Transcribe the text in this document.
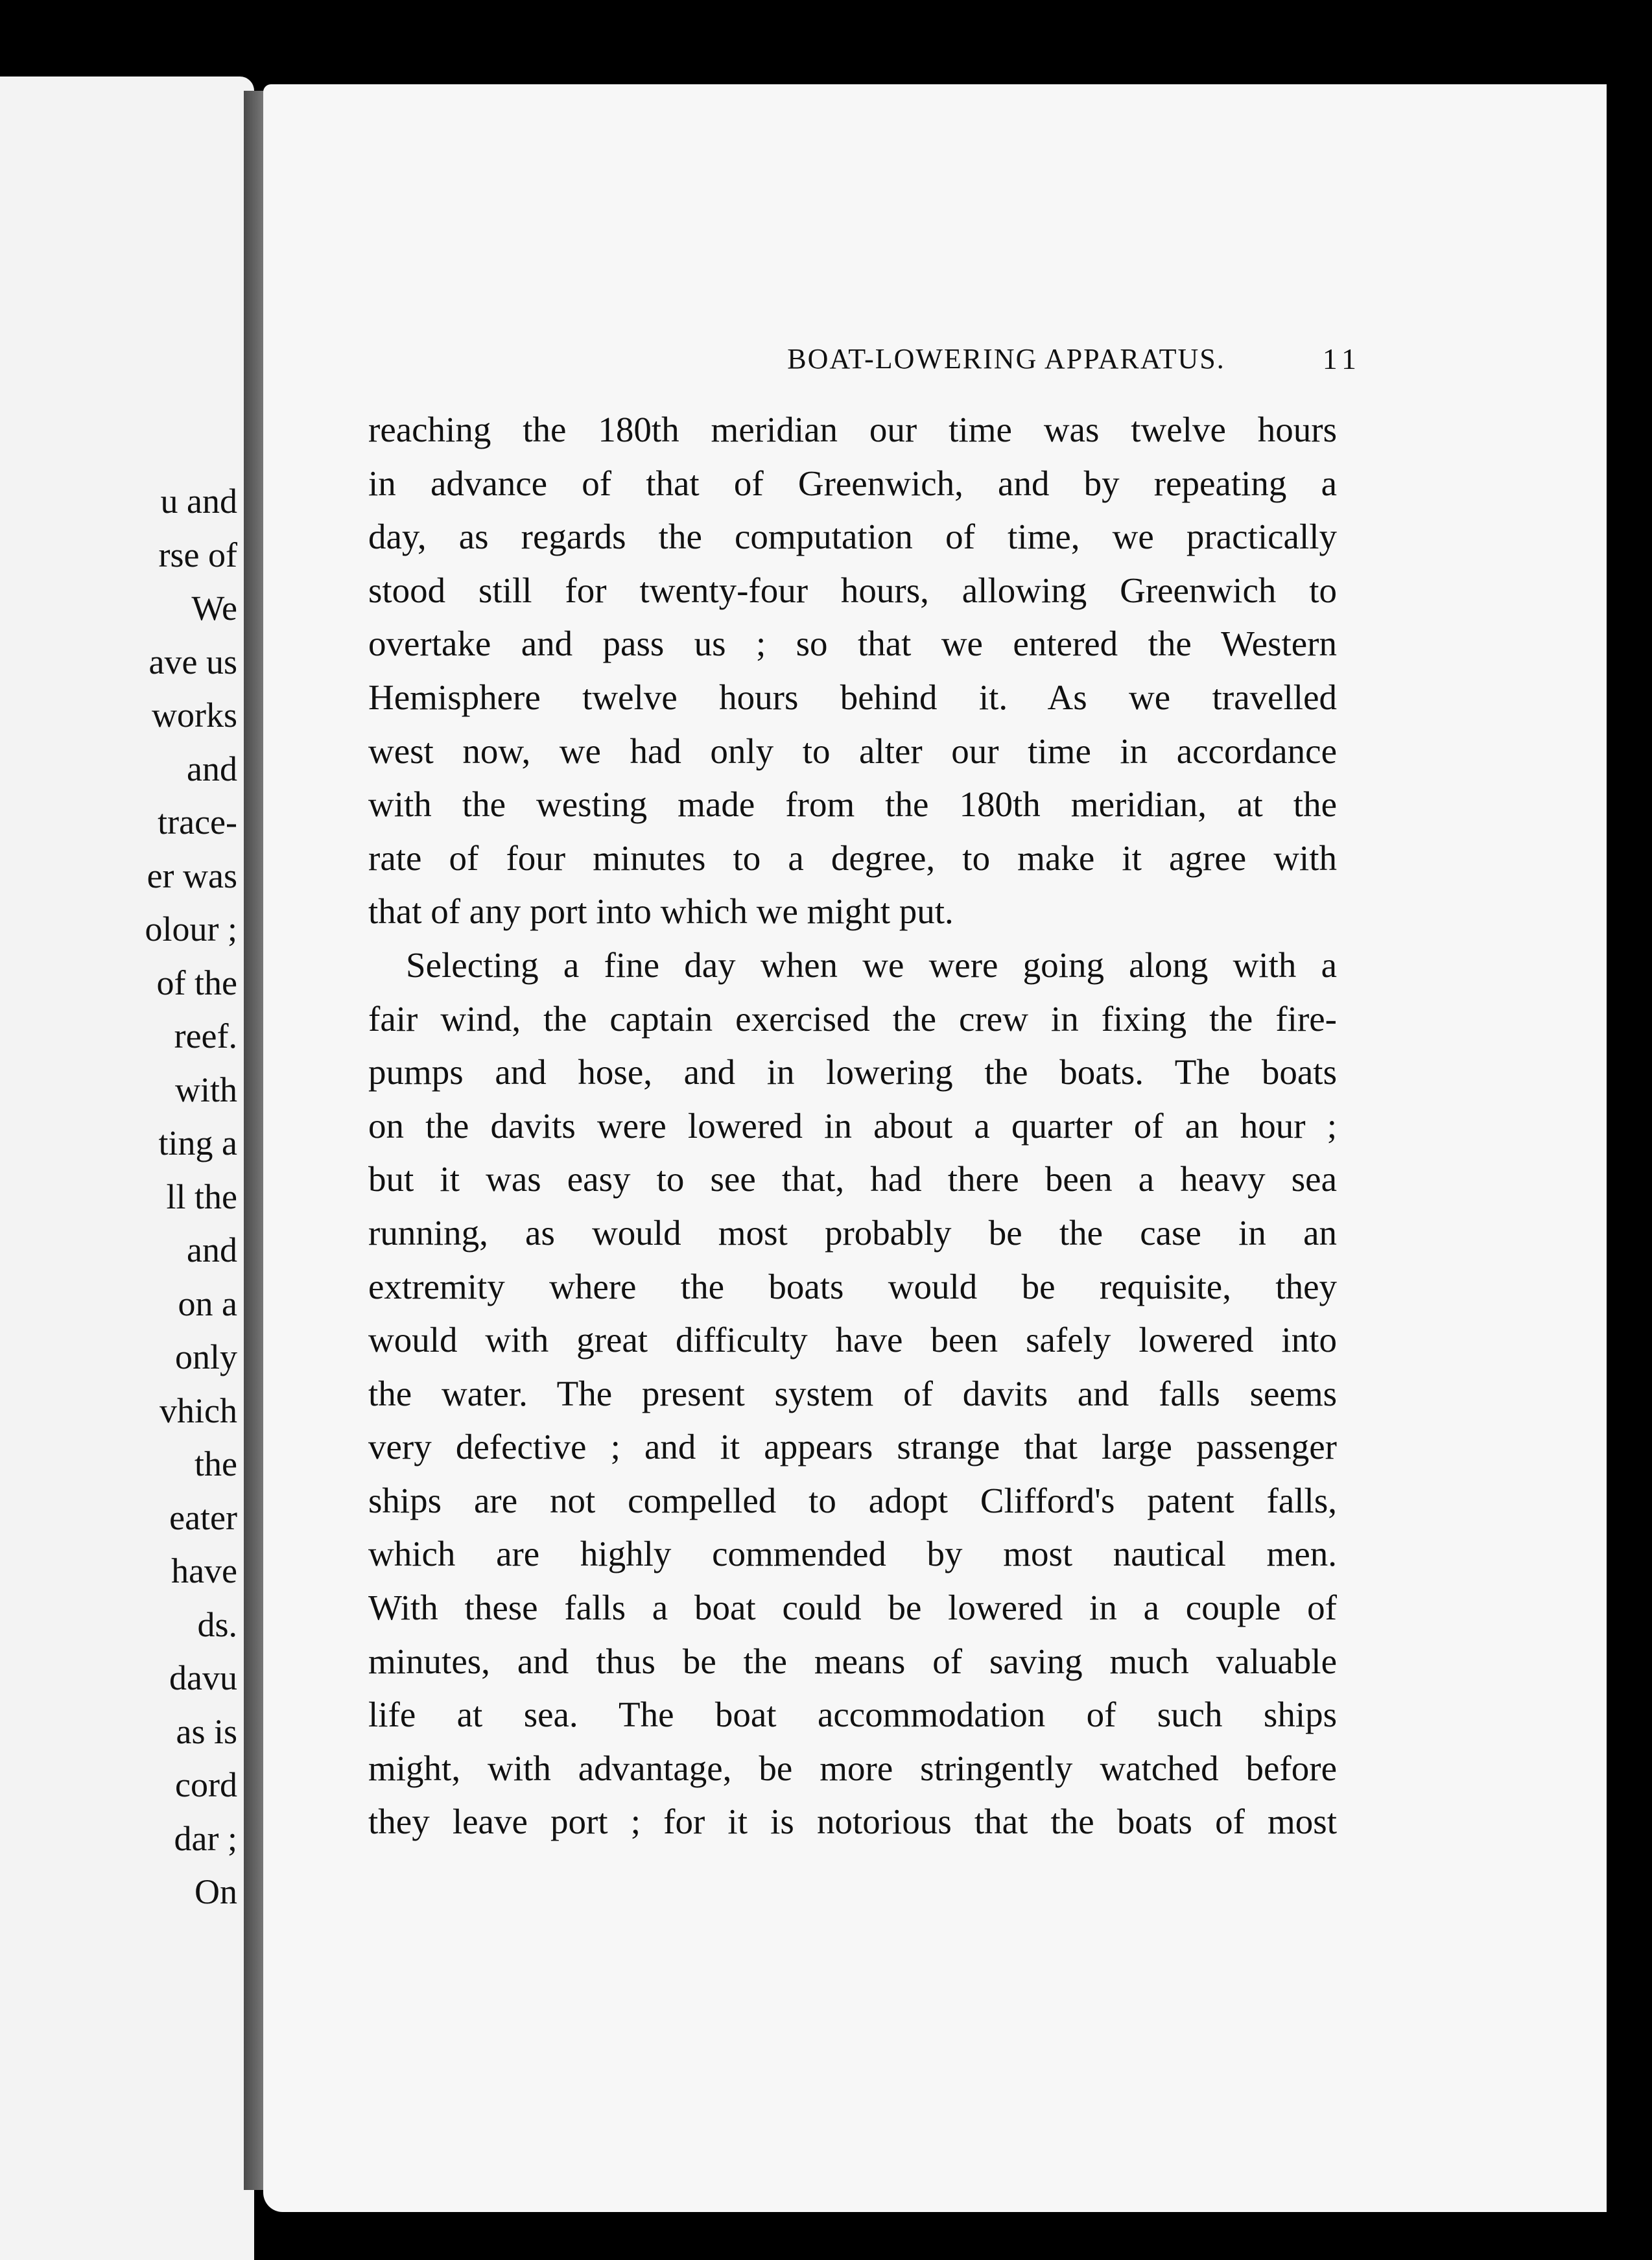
u and
rse of
We
ave us
works
and
trace-
er was
olour ;
of the
reef.
with
ting a
ll the
and
on a
only
vhich
the
eater
have
ds.
davu
as is
cord
dar ;
On
BOAT-LOWERING APPARATUS.	11
reaching the 180th meridian our time was twelve hours
in advance of that of Greenwich, and by repeating a
day, as regards the computation of time, we practically
stood still for twenty-four hours, allowing Greenwich to
overtake and pass us ; so that we entered the Western
Hemisphere twelve hours behind it. As we travelled
west now, we had only to alter our time in accordance
with the westing made from the 180th meridian, at the
rate of four minutes to a degree, to make it agree with
that of any port into which we might put.
Selecting a fine day when we were going along with a
fair wind, the captain exercised the crew in fixing the fire-
pumps and hose, and in lowering the boats. The boats
on the davits were lowered in about a quarter of an hour ;
but it was easy to see that, had there been a heavy sea
running, as would most probably be the case in an
extremity where the boats would be requisite, they
would with great difficulty have been safely lowered into
the water. The present system of davits and falls seems
very defective ; and it appears strange that large passenger
ships are not compelled to adopt Clifford's patent falls,
which are highly commended by most nautical men.
With these falls a boat could be lowered in a couple of
minutes, and thus be the means of saving much valuable
life at sea. The boat accommodation of such ships
might, with advantage, be more stringently watched before
they leave port ; for it is notorious that the boats of most
